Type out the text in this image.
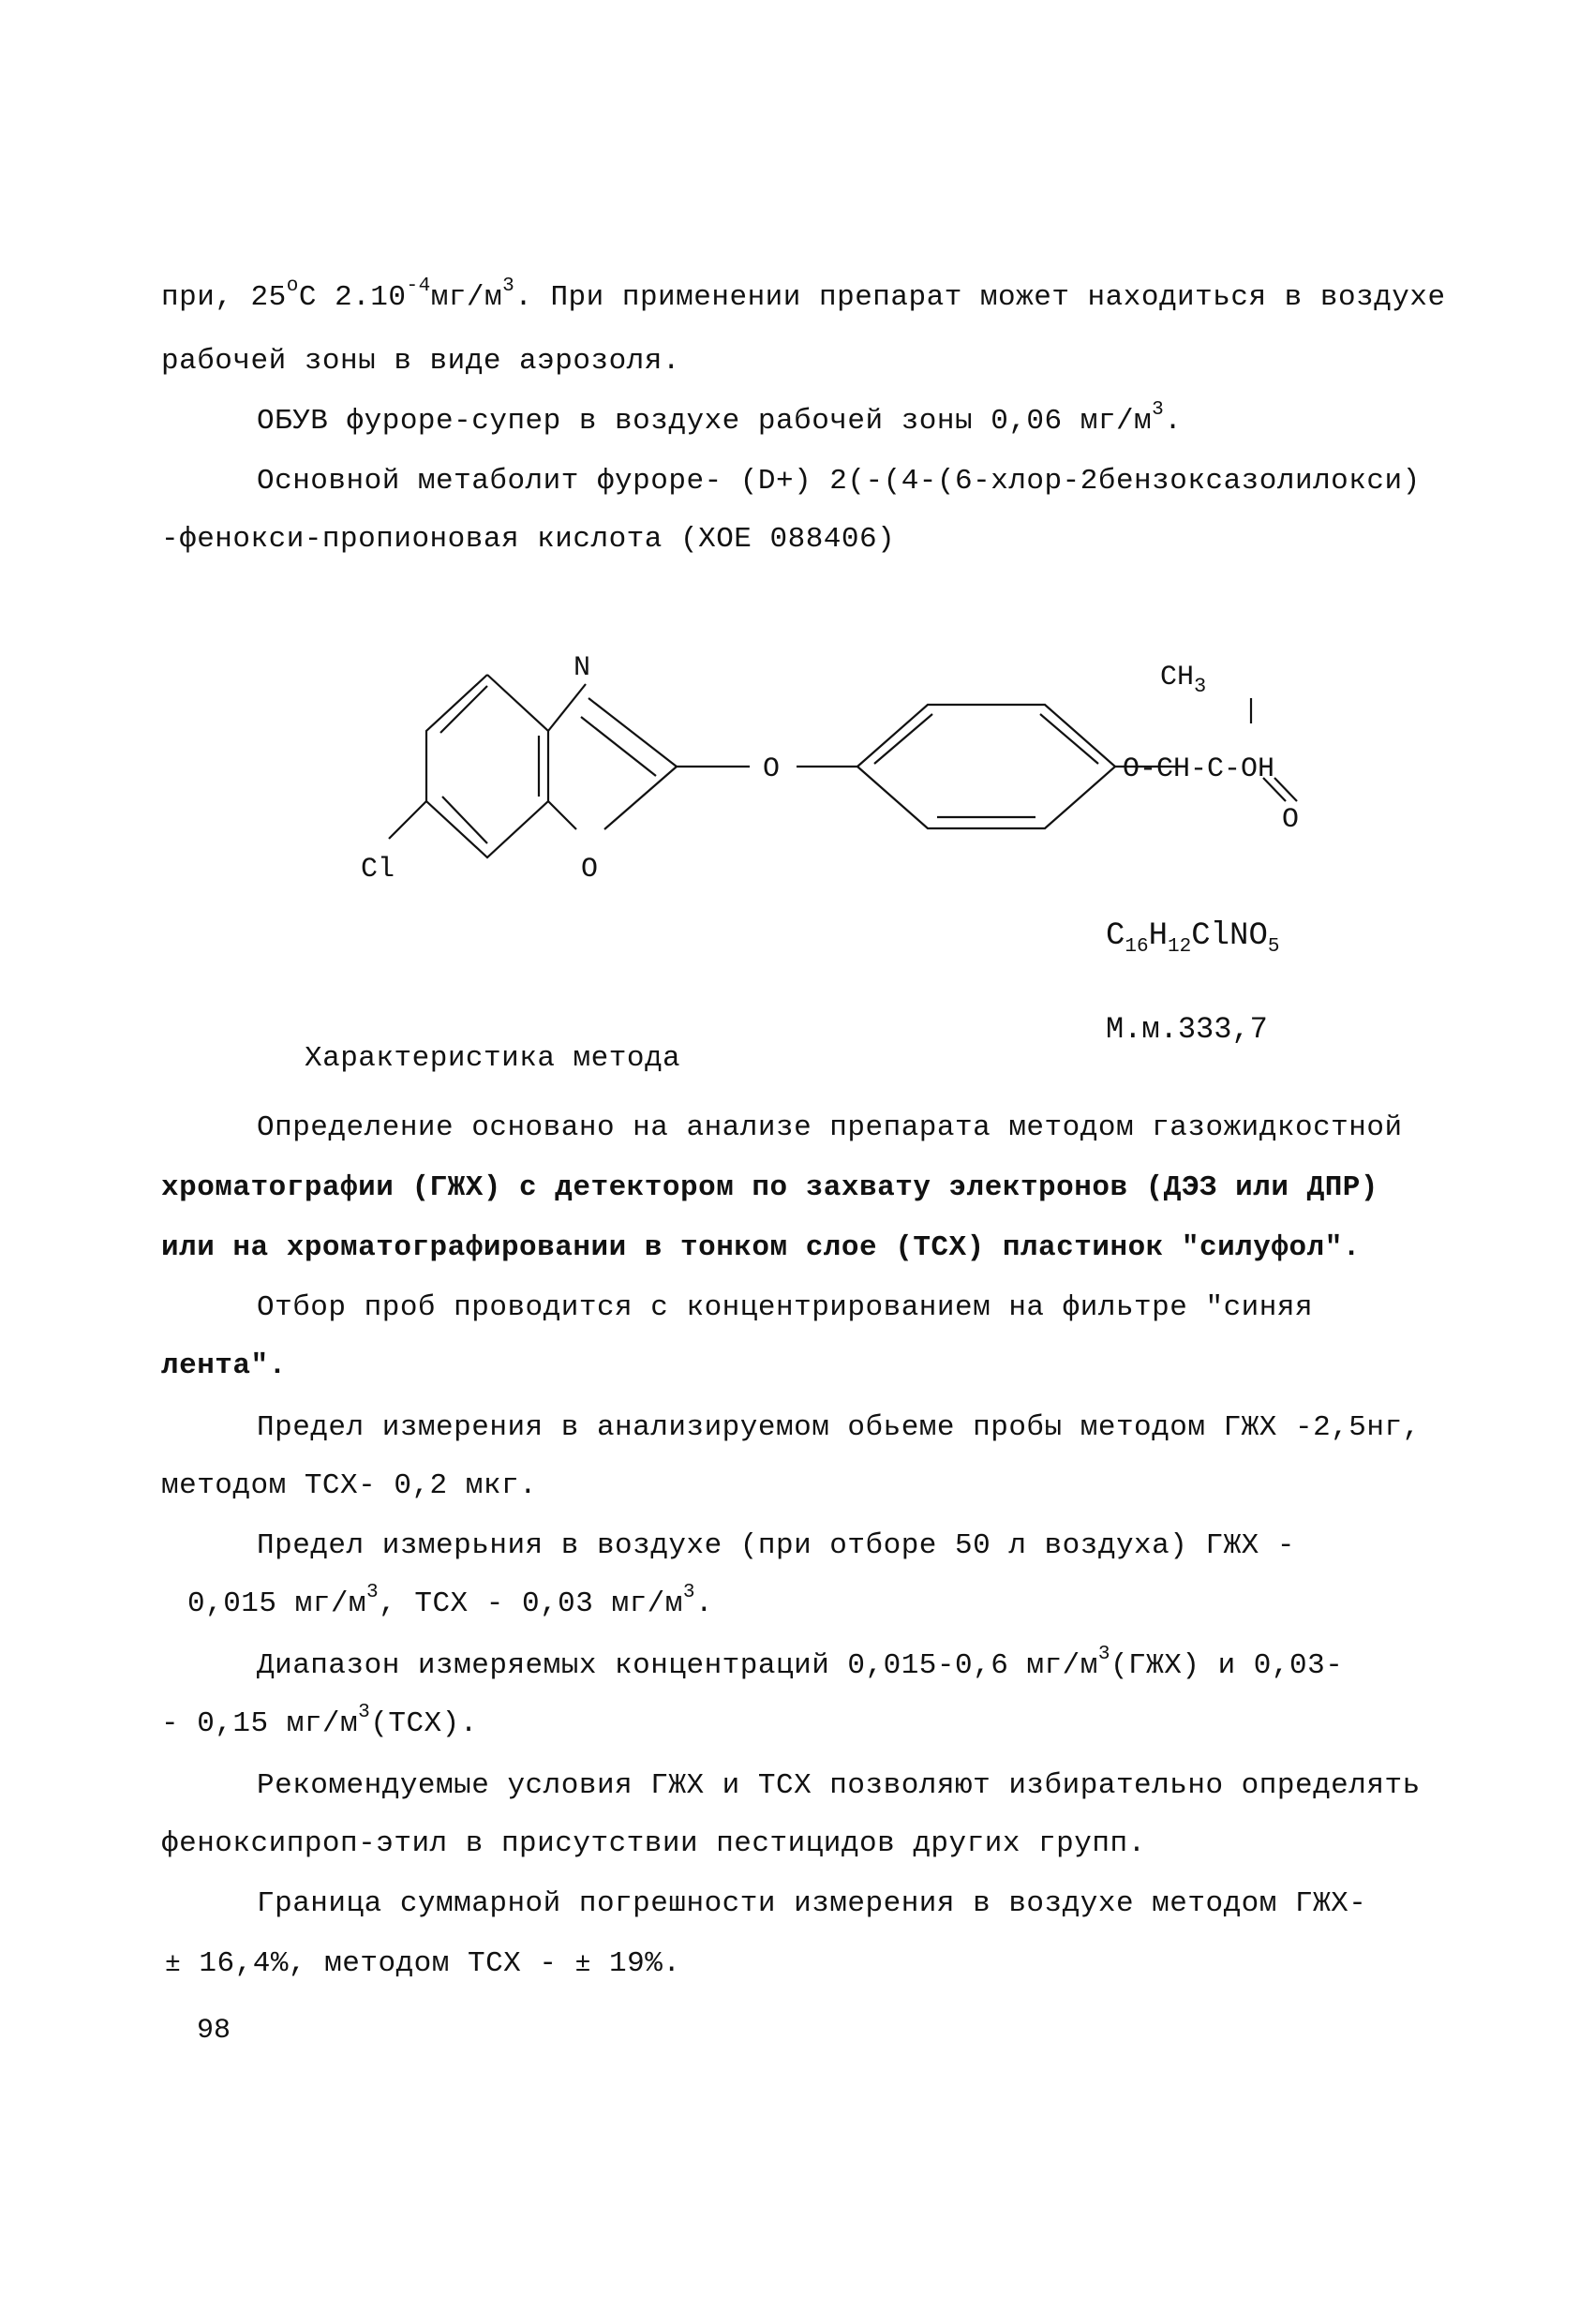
при, $25^оС$ $2.10^{-4}мг/м^3$. При применении препарат может находиться в воздухе
рабочей зоны в виде аэрозоля.
ОБУВ фуроре-супер в воздухе рабочей зоны 0,06 $мг/м^3$.
Основной метаболит фуроре- (D+) 2(-(4-(6-хлор-2бензоксазолилокси)
-фенокси-пропионовая кислота (ХОЕ 088406)
N
O
Cl
O	O-CH-C-OH
$CH_3$
O
$C_{16}H_{12}ClNO_5$
М.м.333,7
Характеристика метода
Определение основано на анализе препарата методом газожидкостной
хроматографии (ГЖХ) с детектором по захвату электронов (ДЭЗ или ДПР)
или на хроматографировании в тонком слое (ТСХ) пластинок "силуфол".
Отбор проб проводится с концентрированием на фильтре "синяя
лента".
Предел измерения в анализируемом обьеме пробы методом ГЖХ -2,5нг,
методом ТСХ- 0,2 мкг.
Предел измерьния в воздухе (при отборе 50 л воздуха) ГЖХ -
0,015 $мг/м^3$, ТСХ - 0,03 $мг/м^3$.
Диапазон измеряемых концентраций 0,015-0,6 $мг/м^3(ГЖХ)$ и 0,03-
- 0,15 $мг/м^3(ТСХ)$.
Рекомендуемые условия ГЖХ и ТСХ позволяют избирательно определять
феноксипроп-этил в присутствии пестицидов других групп.
Граница суммарной погрешности измерения в воздухе методом ГЖХ-
± 16,4%, методом ТСХ - ± 19%.
98
